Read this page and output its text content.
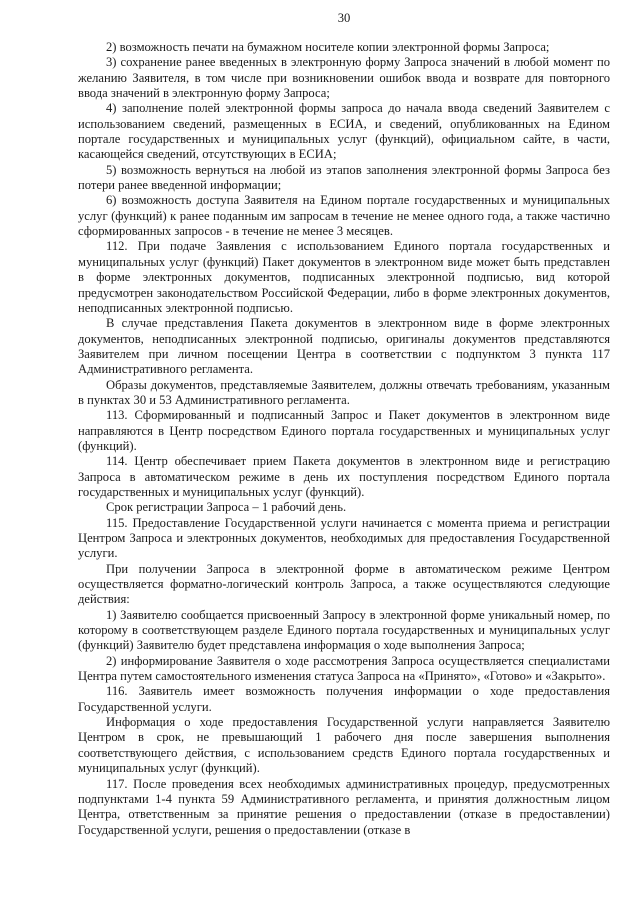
30

2) возможность печати на бумажном носителе копии электронной формы Запроса;

3) сохранение ранее введенных в электронную форму Запроса значений в любой момент по желанию Заявителя, в том числе при возникновении ошибок ввода и возврате для повторного ввода значений в электронную форму Запроса;

4) заполнение полей электронной формы запроса до начала ввода сведений Заявителем с использованием сведений, размещенных в ЕСИА, и сведений, опубликованных на Едином портале государственных и муниципальных услуг (функций), официальном сайте, в части, касающейся сведений, отсутствующих в ЕСИА;

5) возможность вернуться на любой из этапов заполнения электронной формы Запроса без потери ранее введенной информации;

6) возможность доступа Заявителя на Едином портале государственных и муниципальных услуг (функций) к ранее поданным им запросам в течение не менее одного года, а также частично сформированных запросов - в течение не менее 3 месяцев.

112. При подаче Заявления с использованием Единого портала государственных и муниципальных услуг (функций) Пакет документов в электронном виде может быть представлен в форме электронных документов, подписанных электронной подписью, вид которой предусмотрен законодательством Российской Федерации, либо в форме электронных документов, неподписанных электронной подписью.

В случае представления Пакета документов в электронном виде в форме электронных документов, неподписанных электронной подписью, оригиналы документов представляются Заявителем при личном посещении Центра в соответствии с подпунктом 3 пункта 117 Административного регламента.

Образы документов, представляемые Заявителем, должны отвечать требованиям, указанным в пунктах 30 и 53 Административного регламента.

113. Сформированный и подписанный Запрос и Пакет документов в электронном виде направляются в Центр посредством Единого портала государственных и муниципальных услуг (функций).

114. Центр обеспечивает прием Пакета документов в электронном виде и регистрацию Запроса в автоматическом режиме в день их поступления посредством Единого портала государственных и муниципальных услуг (функций).

Срок регистрации Запроса – 1 рабочий день.

115. Предоставление Государственной услуги начинается с момента приема и регистрации Центром Запроса и электронных документов, необходимых для предоставления Государственной услуги.

При получении Запроса в электронной форме в автоматическом режиме Центром осуществляется форматно-логический контроль Запроса, а также осуществляются следующие действия:

1) Заявителю сообщается присвоенный Запросу в электронной форме уникальный номер, по которому в соответствующем разделе Единого портала государственных и муниципальных услуг (функций) Заявителю будет представлена информация о ходе выполнения Запроса;

2) информирование Заявителя о ходе рассмотрения Запроса осуществляется специалистами Центра путем самостоятельного изменения статуса Запроса на «Принято», «Готово» и «Закрыто».

116. Заявитель имеет возможность получения информации о ходе предоставления Государственной услуги.

Информация о ходе предоставления Государственной услуги направляется Заявителю Центром в срок, не превышающий 1 рабочего дня после завершения выполнения соответствующего действия, с использованием средств Единого портала государственных и муниципальных услуг (функций).

117. После проведения всех необходимых административных процедур, предусмотренных подпунктами 1-4 пункта 59 Административного регламента, и принятия должностным лицом Центра, ответственным за принятие решения о предоставлении (отказе в предоставлении) Государственной услуги, решения о предоставлении (отказе в
